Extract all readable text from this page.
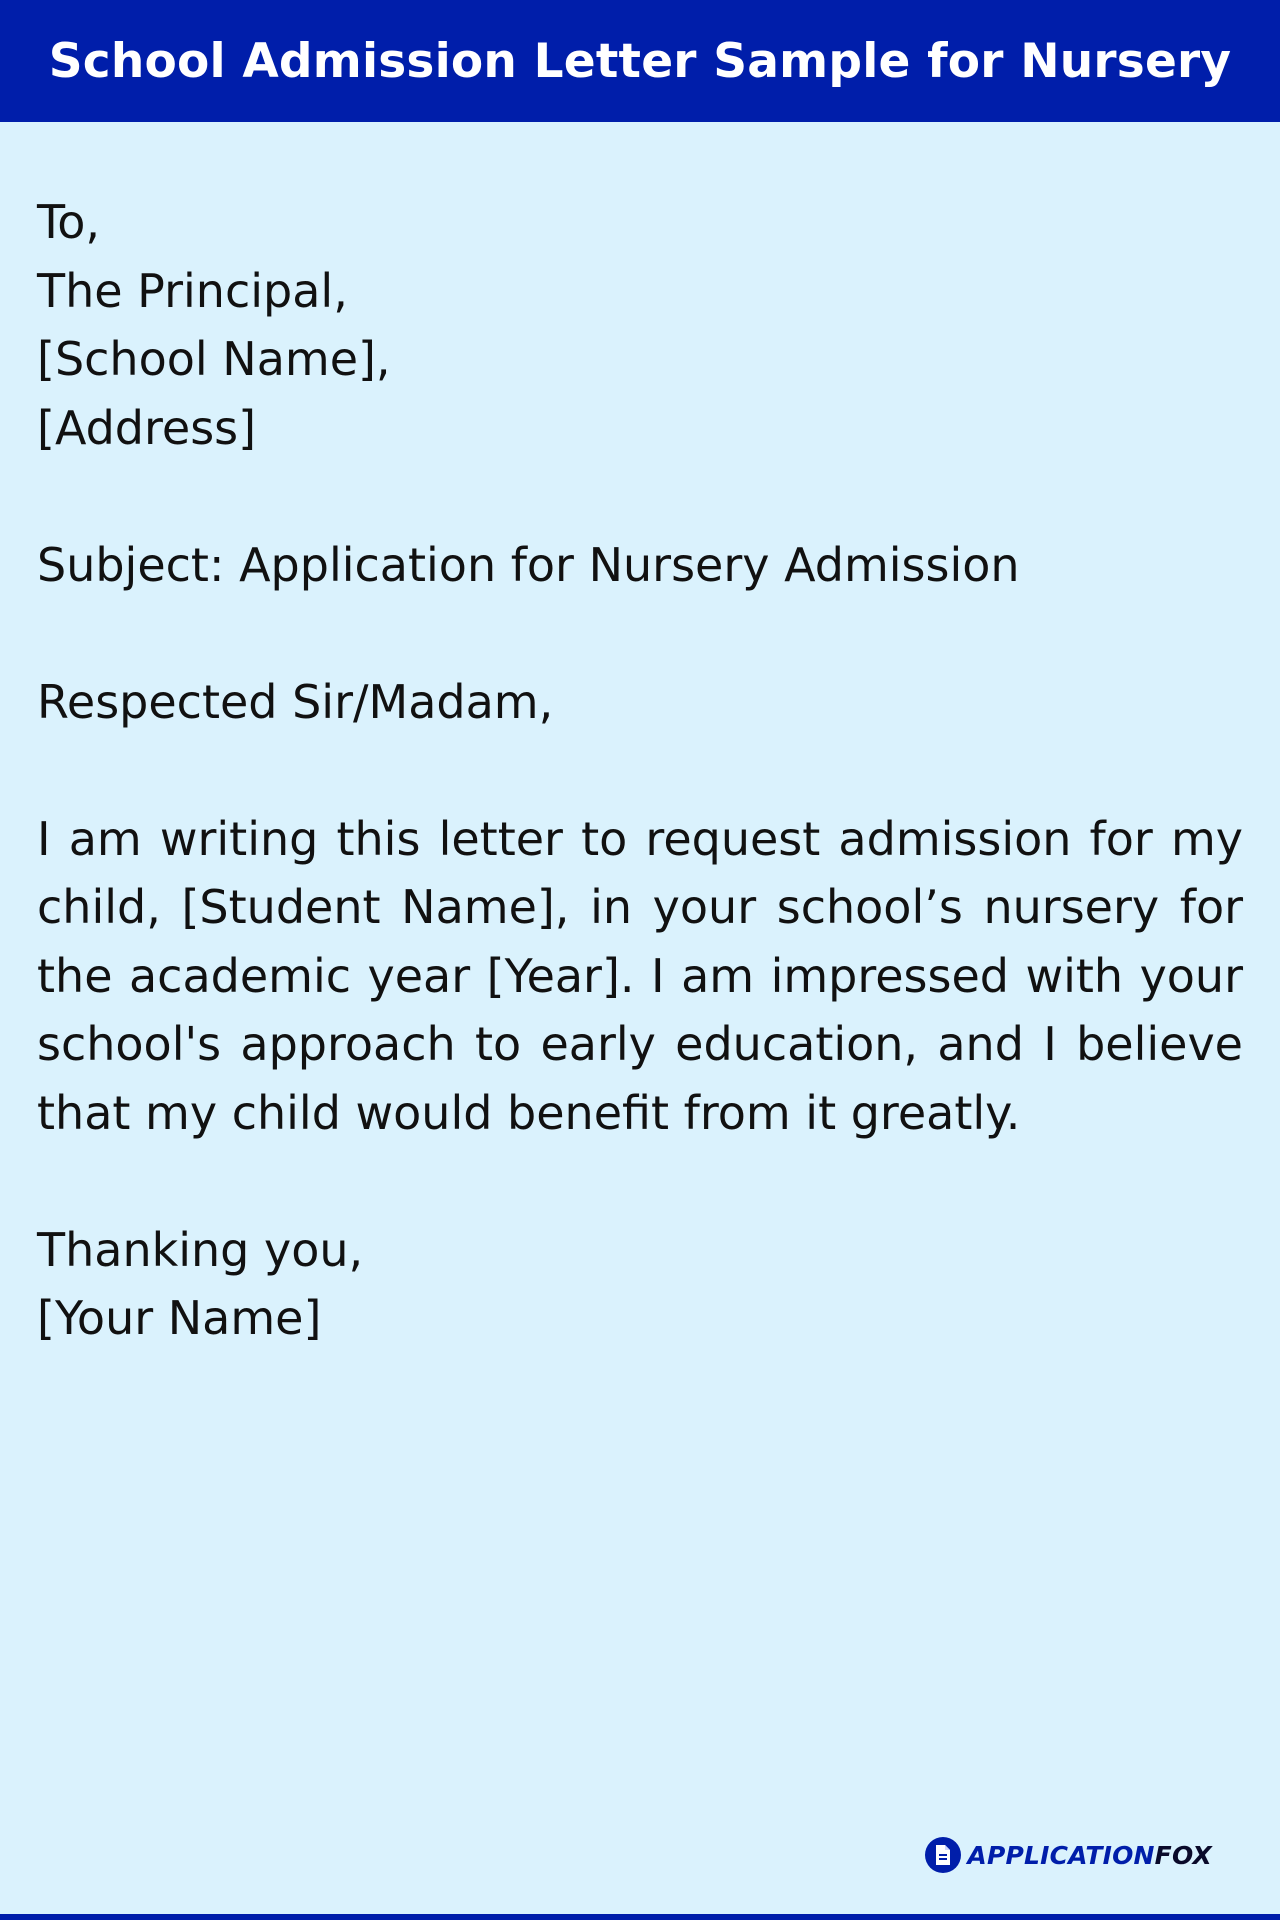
School Admission Letter Sample for Nursery
To,
The Principal,
[School Name],
[Address]
Subject: Application for Nursery Admission
Respected Sir/Madam,
I am writing this letter to request admission for my child, [Student Name], in your school’s nursery for the academic year [Year]. I am impressed with your school's approach to early education, and I believe that my child would benefit from it greatly.
Thanking you,
[Your Name]
APPLICATIONFOX
